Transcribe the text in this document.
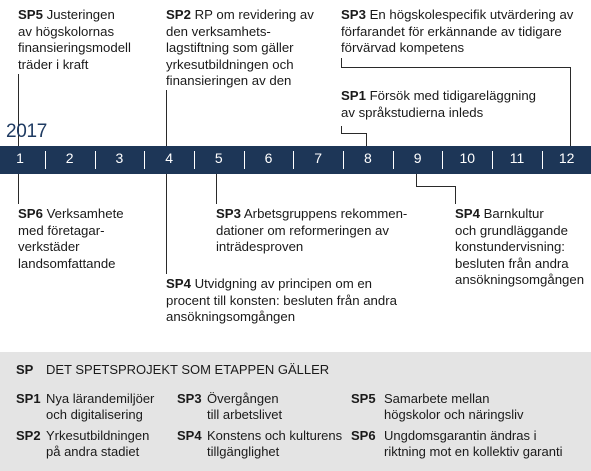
SP5 Justeringen
av högskolornas
finansieringsmodell
träder i kraft
SP2 RP om revidering av
den verksamhets-
lagstiftning som gäller
yrkesutbildningen och
finansieringen av den
SP3 En högskolespecifik utvärdering av
förfarandet för erkännande av tidigare
förvärvad kompetens
SP1 Försök med tidigareläggning
av språkstudierna inleds
2017
1	2	3	4	5	6	7	8	9	10 11 12
SP6 Verksamhete
med företagar-
verkstäder
landsomfattande
SP3 Arbetsgruppens rekommen-
dationer om reformeringen av
inträdesproven
SP4 Utvidgning av principen om en
procent till konsten: besluten från andra
ansökningsomgången
SP4 Barnkultur
och grundläggande
konstundervisning:
besluten från andra
ansökningsomgången
SP DET SPETSPROJEKT SOM ETAPPEN GÄLLER
SP1 Nya lärandemiljöer
och digitalisering
SP2 Yrkesutbildningen
på andra stadiet
SP3 Övergången
till arbetslivet
SP4 Konstens och kulturens
tillgänglighet
SP5 Samarbete mellan
högskolor och näringsliv
SP6 Ungdomsgarantin ändras i
riktning mot en kollektiv garanti
